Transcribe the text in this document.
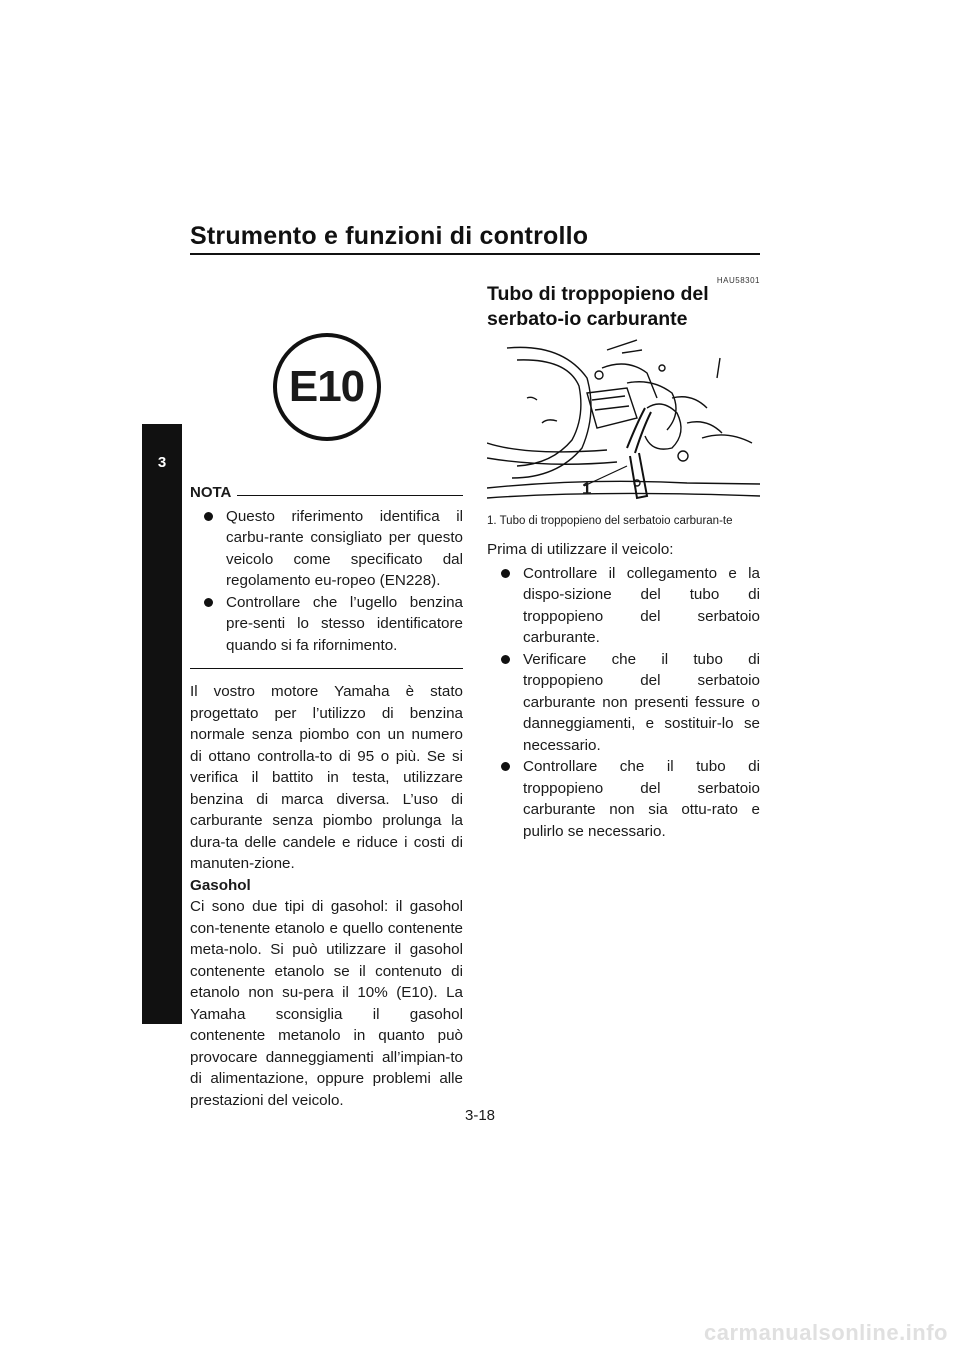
Strumento e funzioni di controllo
3
E10
NOTA
Questo riferimento identifica il carbu-rante consigliato per questo veicolo come specificato dal regolamento eu-ropeo (EN228).
Controllare che l’ugello benzina pre-senti lo stesso identificatore quando si fa rifornimento.

Il vostro motore Yamaha è stato progettato per l’utilizzo di benzina normale senza piombo con un numero di ottano controlla-to di 95 o più. Se si verifica il battito in testa, utilizzare benzina di marca diversa. L’uso di carburante senza piombo prolunga la dura-ta delle candele e riduce i costi di manuten-zione.

Gasohol

Ci sono due tipi di gasohol: il gasohol con-tenente etanolo e quello contenente meta-nolo. Si può utilizzare il gasohol contenente etanolo se il contenuto di etanolo non su-pera il 10% (E10). La Yamaha sconsiglia il gasohol contenente metanolo in quanto può provocare danneggiamenti all’impian-to di alimentazione, oppure problemi alle prestazioni del veicolo.

HAU58301
Tubo di troppopieno del serbato-io carburante
1
1. Tubo di troppopieno del serbatoio carburan-te
Prima di utilizzare il veicolo:
Controllare il collegamento e la dispo-sizione del tubo di troppopieno del serbatoio carburante.
Verificare che il tubo di troppopieno del serbatoio carburante non presenti fessure o danneggiamenti, e sostituir-lo se necessario.
Controllare che il tubo di troppopieno del serbatoio carburante non sia ottu-rato e pulirlo se necessario.
3-18
carmanualsonline.info
